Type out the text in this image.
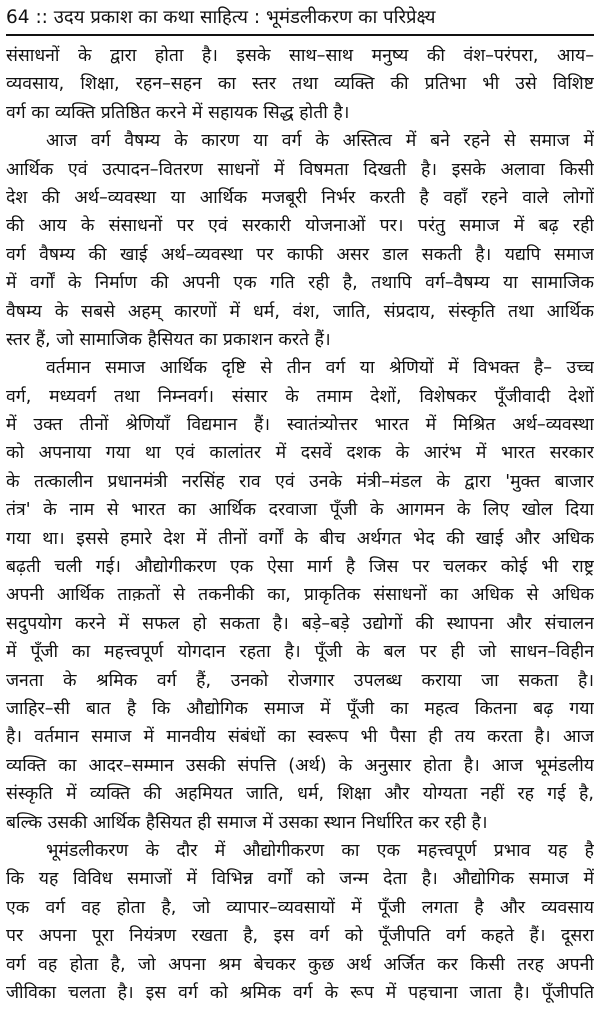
64 :: उदय प्रकाश का कथा साहित्य : भूमंडलीकरण का परिप्रेक्ष्य
संसाधनों के द्वारा होता है। इसके साथ–साथ मनुष्य की वंश–परंपरा, आय–
व्यवसाय, शिक्षा, रहन–सहन का स्तर तथा व्यक्ति की प्रतिभा भी उसे विशिष्ट
वर्ग का व्यक्ति प्रतिष्ठित करने में सहायक सिद्ध होती है।
आज वर्ग वैषम्य के कारण या वर्ग के अस्तित्व में बने रहने से समाज में
आर्थिक एवं उत्पादन–वितरण साधनों में विषमता दिखती है। इसके अलावा किसी
देश की अर्थ–व्यवस्था या आर्थिक मजबूरी निर्भर करती है वहाँ रहने वाले लोगों
की आय के संसाधनों पर एवं सरकारी योजनाओं पर। परंतु समाज में बढ़ रही
वर्ग वैषम्य की खाई अर्थ–व्यवस्था पर काफी असर डाल सकती है। यद्यपि समाज
में वर्गों के निर्माण की अपनी एक गति रही है, तथापि वर्ग–वैषम्य या सामाजिक
वैषम्य के सबसे अहम् कारणों में धर्म, वंश, जाति, संप्रदाय, संस्कृति तथा आर्थिक
स्तर हैं, जो सामाजिक हैसियत का प्रकाशन करते हैं।
वर्तमान समाज आर्थिक दृष्टि से तीन वर्ग या श्रेणियों में विभक्त है– उच्च
वर्ग, मध्यवर्ग तथा निम्नवर्ग। संसार के तमाम देशों, विशेषकर पूँजीवादी देशों
में उक्त तीनों श्रेणियाँ विद्यमान हैं। स्वातंत्र्योत्तर भारत में मिश्रित अर्थ–व्यवस्था
को अपनाया गया था एवं कालांतर में दसवें दशक के आरंभ में भारत सरकार
के तत्कालीन प्रधानमंत्री नरसिंह राव एवं उनके मंत्री–मंडल के द्वारा 'मुक्त बाजार
तंत्र' के नाम से भारत का आर्थिक दरवाजा पूँजी के आगमन के लिए खोल दिया
गया था। इससे हमारे देश में तीनों वर्गों के बीच अर्थगत भेद की खाई और अधिक
बढ़ती चली गई। औद्योगीकरण एक ऐसा मार्ग है जिस पर चलकर कोई भी राष्ट्र
अपनी आर्थिक ताक़तों से तकनीकी का, प्राकृतिक संसाधनों का अधिक से अधिक
सदुपयोग करने में सफल हो सकता है। बड़े–बड़े उद्योगों की स्थापना और संचालन
में पूँजी का महत्त्वपूर्ण योगदान रहता है। पूँजी के बल पर ही जो साधन–विहीन
जनता के श्रमिक वर्ग हैं, उनको रोजगार उपलब्ध कराया जा सकता है।
जाहिर–सी बात है कि औद्योगिक समाज में पूँजी का महत्व कितना बढ़ गया
है। वर्तमान समाज में मानवीय संबंधों का स्वरूप भी पैसा ही तय करता है। आज
व्यक्ति का आदर–सम्मान उसकी संपत्ति (अर्थ) के अनुसार होता है। आज भूमंडलीय
संस्कृति में व्यक्ति की अहमियत जाति, धर्म, शिक्षा और योग्यता नहीं रह गई है,
बल्कि उसकी आर्थिक हैसियत ही समाज में उसका स्थान निर्धारित कर रही है।
भूमंडलीकरण के दौर में औद्योगीकरण का एक महत्त्वपूर्ण प्रभाव यह है
कि यह विविध समाजों में विभिन्न वर्गों को जन्म देता है। औद्योगिक समाज में
एक वर्ग वह होता है, जो व्यापार–व्यवसायों में पूँजी लगता है और व्यवसाय
पर अपना पूरा नियंत्रण रखता है, इस वर्ग को पूँजीपति वर्ग कहते हैं। दूसरा
वर्ग वह होता है, जो अपना श्रम बेचकर कुछ अर्थ अर्जित कर किसी तरह अपनी
जीविका चलता है। इस वर्ग को श्रमिक वर्ग के रूप में पहचाना जाता है। पूँजीपति
